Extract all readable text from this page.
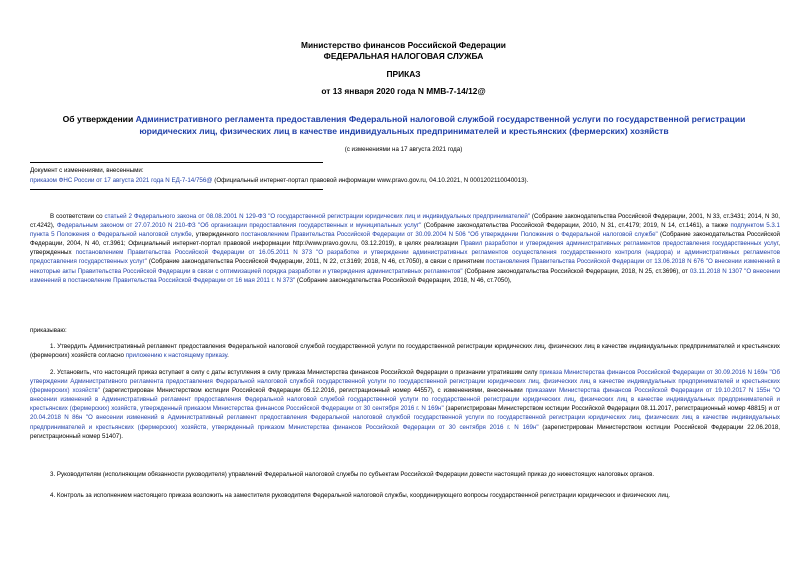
Министерство финансов Российской Федерации
ФЕДЕРАЛЬНАЯ НАЛОГОВАЯ СЛУЖБА
ПРИКАЗ
от 13 января 2020 года N ММВ-7-14/12@
Об утверждении Административного регламента предоставления Федеральной налоговой службой государственной услуги по государственной регистрации
юридических лиц, физических лиц в качестве индивидуальных предпринимателей и крестьянских (фермерских) хозяйств
(с изменениями на 17 августа 2021 года)
Документ с изменениями, внесенными:
приказом ФНС России от 17 августа 2021 года N ЕД-7-14/756@ (Официальный интернет-портал правовой информации www.pravo.gov.ru, 04.10.2021, N 0001202110040013).
В соответствии со статьей 2 Федерального закона от 08.08.2001 N 129-ФЗ "О государственной регистрации юридических лиц и индивидуальных предпринимателей" (Собрание законодательства Российской Федерации, 2001, N 33, ст.3431; 2014, N 30, ст.4242), Федеральным законом от 27.07.2010 N 210-ФЗ "Об организации предоставления государственных и муниципальных услуг" (Собрание законодательства Российской Федерации, 2010, N 31, ст.4179; 2019, N 14, ст.1461), а также подпунктом 5.3.1 пункта 5 Положения о Федеральной налоговой службе, утвержденного постановлением Правительства Российской Федерации от 30.09.2004 N 506 "Об утверждении Положения о Федеральной налоговой службе" (Собрание законодательства Российской Федерации, 2004, N 40, ст.3961; Официальный интернет-портал правовой информации http://www.pravo.gov.ru, 03.12.2019), в целях реализации Правил разработки и утверждения административных регламентов предоставления государственных услуг, утвержденных постановлением Правительства Российской Федерации от 16.05.2011 N 373 "О разработке и утверждении административных регламентов осуществления государственного контроля (надзора) и административных регламентов предоставления государственных услуг" (Собрание законодательства Российской Федерации, 2011, N 22, ст.3169; 2018, N 46, ст.7050), в связи с принятием постановления Правительства Российской Федерации от 13.06.2018 N 676 "О внесении изменений в некоторые акты Правительства Российской Федерации в связи с оптимизацией порядка разработки и утверждения административных регламентов" (Собрание законодательства Российской Федерации, 2018, N 25, ст.3696), от 03.11.2018 N 1307 "О внесении изменений в постановление Правительства Российской Федерации от 16 мая 2011 г. N 373" (Собрание законодательства Российской Федерации, 2018, N 46, ст.7050),
приказываю:
1. Утвердить Административный регламент предоставления Федеральной налоговой службой государственной услуги по государственной регистрации юридических лиц, физических лиц в качестве индивидуальных предпринимателей и крестьянских (фермерских) хозяйств согласно приложению к настоящему приказу.
2. Установить, что настоящий приказ вступает в силу с даты вступления в силу приказа Министерства финансов Российской Федерации о признании утратившим силу приказа Министерства финансов Российской Федерации от 30.09.2016 N 169н "Об утверждении Административного регламента предоставления Федеральной налоговой службой государственной услуги по государственной регистрации юридических лиц, физических лиц в качестве индивидуальных предпринимателей и крестьянских (фермерских) хозяйств" (зарегистрирован Министерством юстиции Российской Федерации 05.12.2016, регистрационный номер 44557), с изменениями, внесенными приказами Министерства финансов Российской Федерации от 19.10.2017 N 155н "О внесении изменений в Административный регламент предоставления Федеральной налоговой службой государственной услуги по государственной регистрации юридических лиц, физических лиц в качестве индивидуальных предпринимателей и крестьянских (фермерских) хозяйств, утвержденный приказом Министерства финансов Российской Федерации от 30 сентября 2016 г. N 169н" (зарегистрирован Министерством юстиции Российской Федерации 08.11.2017, регистрационный номер 48815) и от 20.04.2018 N 86н "О внесении изменений в Административный регламент предоставления Федеральной налоговой службой государственной услуги по государственной регистрации юридических лиц, физических лиц в качестве индивидуальных предпринимателей и крестьянских (фермерских) хозяйств, утвержденный приказом Министерства финансов Российской Федерации от 30 сентября 2016 г. N 169н" (зарегистрирован Министерством юстиции Российской Федерации 22.06.2018, регистрационный номер 51407).
3. Руководителям (исполняющим обязанности руководителя) управлений Федеральной налоговой службы по субъектам Российской Федерации довести настоящий приказ до нижестоящих налоговых органов.
4. Контроль за исполнением настоящего приказа возложить на заместителя руководителя Федеральной налоговой службы, координирующего вопросы государственной регистрации юридических и физических лиц.
